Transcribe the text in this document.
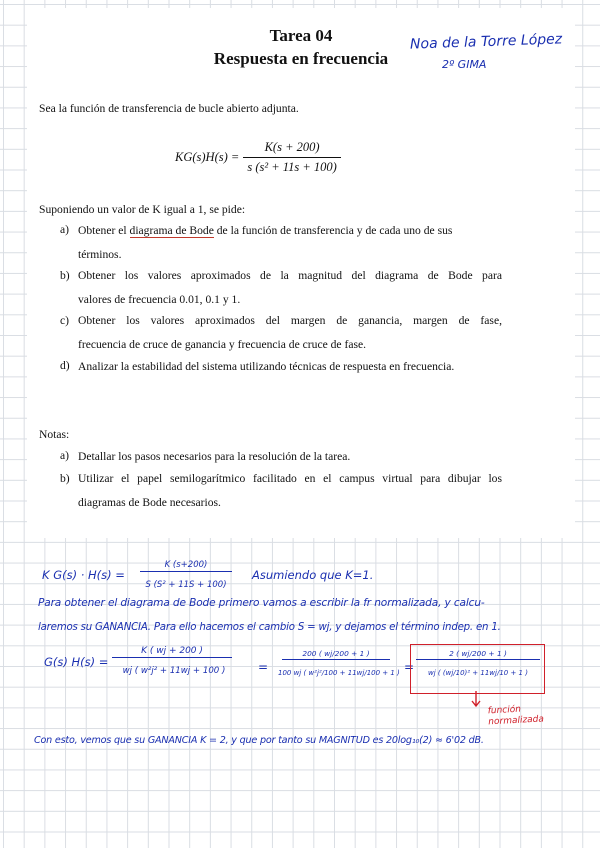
Tarea 04
Respuesta en frecuencia
Sea la función de transferencia de bucle abierto adjunta.
$KG(s)H(s) = \frac{K(s + 200)}{\text{s (s² + 11s + 100)}}$
Suponiendo un valor de K igual a 1, se pide:
a) Obtener el diagrama de Bode de la función de transferencia y de cada uno de sus
términos.
b) Obtener los valores aproximados de la magnitud del diagrama de Bode para
valores de frecuencia 0.01, 0.1 y 1.
c) Obtener los valores aproximados del margen de ganancia, margen de fase,
frecuencia de cruce de ganancia y frecuencia de cruce de fase.
d) Analizar la estabilidad del sistema utilizando técnicas de respuesta en frecuencia.
Notas:
a) Detallar los pasos necesarios para la resolución de la tarea.
b) Utilizar el papel semilogarítmico facilitado en el campus virtual para dibujar los
diagramas de Bode necesarios.
Noa de la Torre López
2º GIMA
K G(s) · H(s) =
K (s+200)
S (S² + 11S + 100)
Asumiendo que K=1.
Para obtener el diagrama de Bode primero vamos a escribir la fr normalizada, y calcu-
laremos su GANANCIA. Para ello hacemos el cambio S = wj, y dejamos el término indep. en 1.
G(s) H(s) =
K ( wj + 200 )
wj ( w²j² + 11wj + 100 )	=
200 ( wj/200 + 1 )
100 wj ( w²j²/100 + 11wj/100 + 1 ) =
2 ( wj/200 + 1 )
wj ( (wj/10)² + 11wj/10 + 1 )
función normalizada
Con esto, vemos que su GANANCIA K = 2, y que por tanto su MAGNITUD es 20log₁₀(2) ≈ 6'02 dB.
